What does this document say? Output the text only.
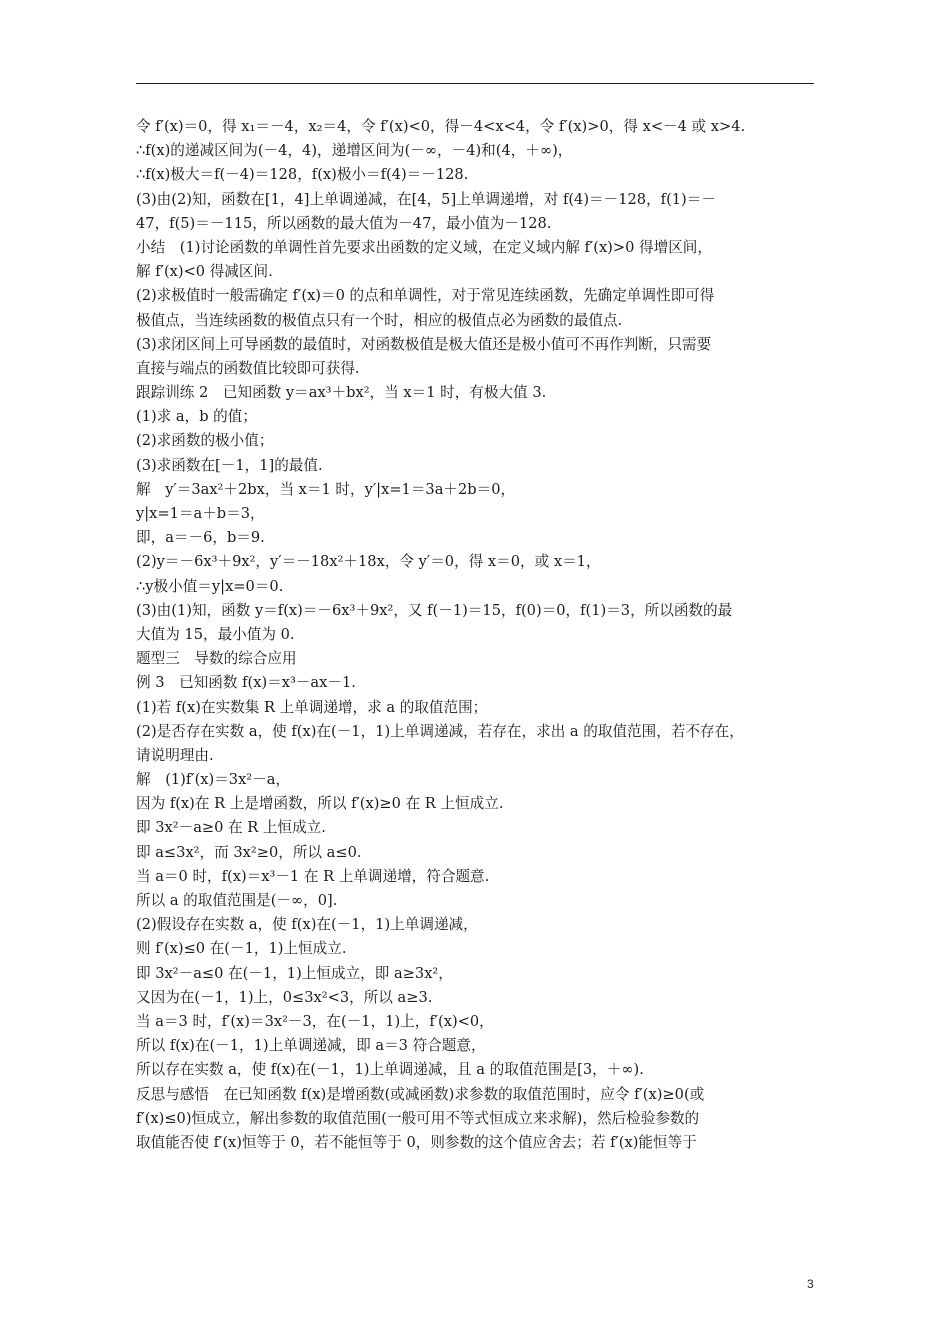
令 f′(x)＝0，得 x₁＝－4，x₂＝4，令 f′(x)<0，得－4<x<4，令 f′(x)>0，得 x<－4 或 x>4.
∴f(x)的递减区间为(－4，4)，递增区间为(－∞，－4)和(4，＋∞)，
∴f(x)极大＝f(－4)＝128，f(x)极小＝f(4)＝－128.
(3)由(2)知，函数在[1，4]上单调递减，在[4，5]上单调递增，对 f(4)＝－128，f(1)＝－
47，f(5)＝－115，所以函数的最大值为－47，最小值为－128.
小结　(1)讨论函数的单调性首先要求出函数的定义域，在定义域内解 f′(x)>0 得增区间，
解 f′(x)<0 得减区间.
(2)求极值时一般需确定 f′(x)＝0 的点和单调性，对于常见连续函数，先确定单调性即可得
极值点，当连续函数的极值点只有一个时，相应的极值点必为函数的最值点.
(3)求闭区间上可导函数的最值时，对函数极值是极大值还是极小值可不再作判断，只需要
直接与端点的函数值比较即可获得.
跟踪训练 2　已知函数 y＝ax³＋bx²，当 x＝1 时，有极大值 3.
(1)求 a，b 的值；
(2)求函数的极小值；
(3)求函数在[－1，1]的最值.
解　y′＝3ax²＋2bx，当 x＝1 时，y′|x=1＝3a＋2b＝0，
y|x=1＝a＋b＝3，
即，a＝－6，b＝9.
(2)y＝－6x³＋9x²，y′＝－18x²＋18x，令 y′＝0，得 x＝0，或 x＝1，
∴y极小值＝y|x=0＝0.
(3)由(1)知，函数 y＝f(x)＝－6x³＋9x²，又 f(－1)＝15，f(0)＝0，f(1)＝3，所以函数的最
大值为 15，最小值为 0.
题型三　导数的综合应用
例 3　已知函数 f(x)＝x³－ax－1.
(1)若 f(x)在实数集 R 上单调递增，求 a 的取值范围；
(2)是否存在实数 a，使 f(x)在(－1，1)上单调递减，若存在，求出 a 的取值范围，若不存在，
请说明理由.
解　(1)f′(x)＝3x²－a，
因为 f(x)在 R 上是增函数，所以 f′(x)≥0 在 R 上恒成立.
即 3x²－a≥0 在 R 上恒成立.
即 a≤3x²，而 3x²≥0，所以 a≤0.
当 a＝0 时，f(x)＝x³－1 在 R 上单调递增，符合题意.
所以 a 的取值范围是(－∞，0].
(2)假设存在实数 a，使 f(x)在(－1，1)上单调递减，
则 f′(x)≤0 在(－1，1)上恒成立.
即 3x²－a≤0 在(－1，1)上恒成立，即 a≥3x²，
又因为在(－1，1)上，0≤3x²<3，所以 a≥3.
当 a＝3 时，f′(x)＝3x²－3，在(－1，1)上，f′(x)<0，
所以 f(x)在(－1，1)上单调递减，即 a＝3 符合题意，
所以存在实数 a，使 f(x)在(－1，1)上单调递减，且 a 的取值范围是[3，＋∞).
反思与感悟　在已知函数 f(x)是增函数(或减函数)求参数的取值范围时，应令 f′(x)≥0(或
f′(x)≤0)恒成立，解出参数的取值范围(一般可用不等式恒成立来求解)，然后检验参数的
取值能否使 f′(x)恒等于 0，若不能恒等于 0，则参数的这个值应舍去；若 f′(x)能恒等于
3
